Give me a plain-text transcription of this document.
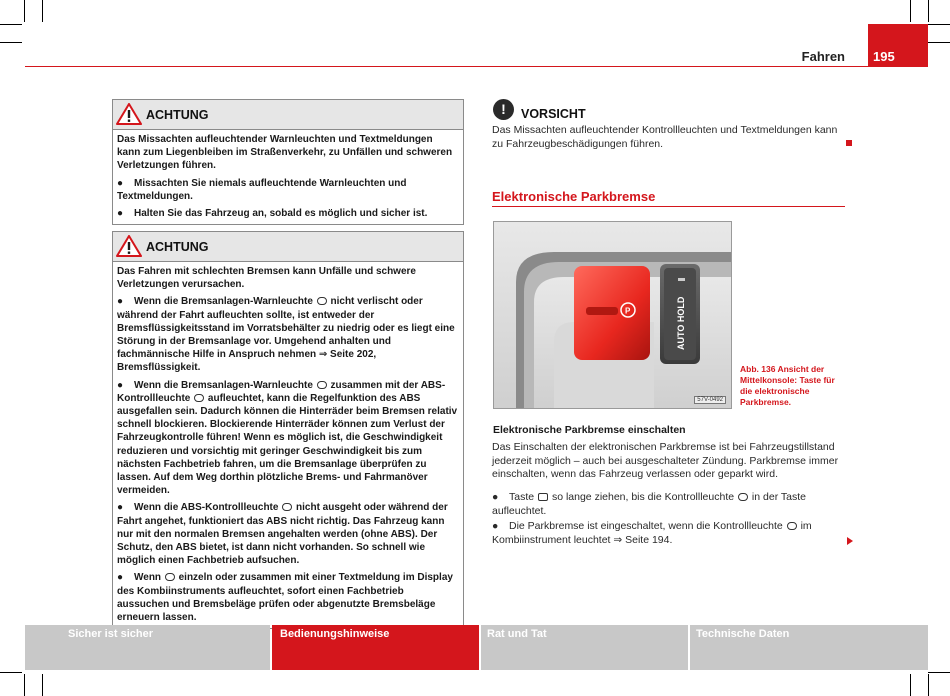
Fahren	195
ACHTUNG

Das Missachten aufleuchtender Warnleuchten und Textmeldungen kann zum Liegenbleiben im Straßenverkehr, zu Unfällen und schweren Verletzungen führen.

● Missachten Sie niemals aufleuchtende Warnleuchten und Textmeldungen.

● Halten Sie das Fahrzeug an, sobald es möglich und sicher ist.

ACHTUNG

Das Fahren mit schlechten Bremsen kann Unfälle und schwere Verletzungen verursachen.

● Wenn die Bremsanlagen-Warnleuchte nicht verlischt oder während der Fahrt aufleuchten sollte, ist entweder der Bremsflüssigkeitsstand im Vorratsbehälter zu niedrig oder es liegt eine Störung in der Bremsanlage vor. Umgehend anhalten und fachmännische Hilfe in Anspruch nehmen ⇒ Seite 202, Bremsflüssigkeit.

● Wenn die Bremsanlagen-Warnleuchte zusammen mit der ABS-Kontrollleuchte aufleuchtet, kann die Regelfunktion des ABS ausgefallen sein. Dadurch können die Hinterräder beim Bremsen relativ schnell blockieren. Blockierende Hinterräder können zum Verlust der Fahrzeugkontrolle führen! Wenn es möglich ist, die Geschwindigkeit reduzieren und vorsichtig mit geringer Geschwindigkeit bis zum nächsten Fachbetrieb fahren, um die Bremsanlage überprüfen zu lassen. Auf dem Weg dorthin plötzliche Brems- und Fahrmanöver vermeiden.

● Wenn die ABS-Kontrollleuchte nicht ausgeht oder während der Fahrt angehet, funktioniert das ABS nicht richtig. Das Fahrzeug kann nur mit den normalen Bremsen angehalten werden (ohne ABS). Der Schutz, den ABS bietet, ist dann nicht vorhanden. So schnell wie möglich einen Fachbetrieb aufsuchen.

● Wenn einzeln oder zusammen mit einer Textmeldung im Display des Kombiinstruments aufleuchtet, sofort einen Fachbetrieb aussuchen und Bremsbeläge prüfen oder abgenutzte Bremsbeläge erneuern lassen.

!	VORSICHT
Das Missachten aufleuchtender Kontrollleuchten und Textmeldungen kann zu Fahrzeugbeschädigungen führen.
Elektronische Parkbremse
P	AUTO HOLD
57V-0492
Abb. 136 Ansicht der Mittelkonsole: Taste für die elektronische Parkbremse.
Elektronische Parkbremse einschalten
Das Einschalten der elektronischen Parkbremse ist bei Fahrzeugstillstand jederzeit möglich – auch bei ausgeschalteter Zündung. Parkbremse immer einschalten, wenn das Fahrzeug verlassen oder geparkt wird.
● Taste so lange ziehen, bis die Kontrollleuchte in der Taste aufleuchtet.
● Die Parkbremse ist eingeschaltet, wenn die Kontrollleuchte im Kombiinstrument leuchtet ⇒ Seite 194.
Sicher ist sicher	Bedienungshinweise	Rat und Tat	Technische Daten
